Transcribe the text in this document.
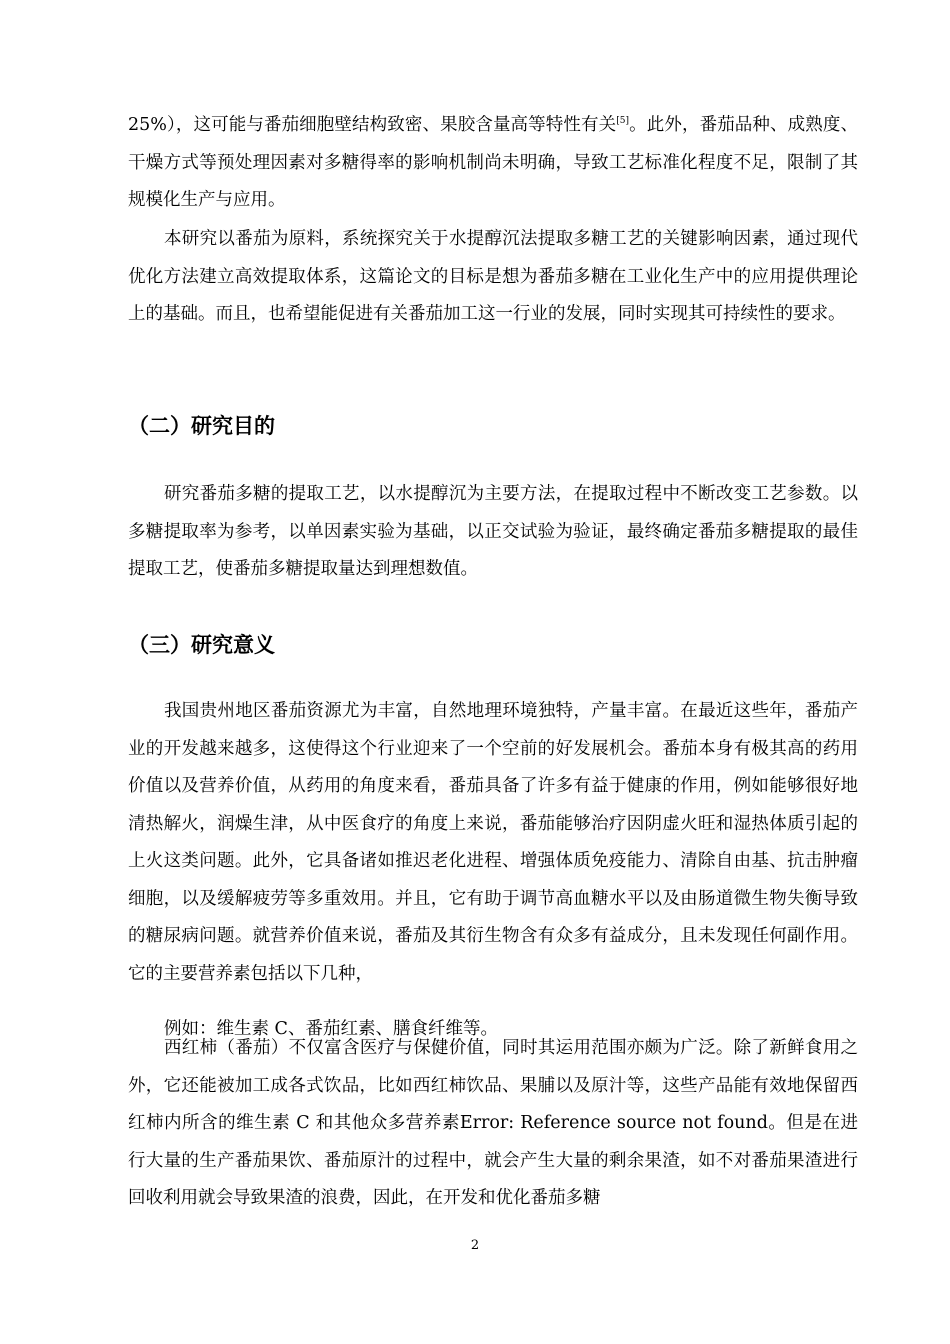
25%），这可能与番茄细胞壁结构致密、果胶含量高等特性有关[5]。此外，番茄品种、成熟度、干燥方式等预处理因素对多糖得率的影响机制尚未明确，导致工艺标准化程度不足，限制了其规模化生产与应用。

本研究以番茄为原料，系统探究关于水提醇沉法提取多糖工艺的关键影响因素，通过现代优化方法建立高效提取体系，这篇论文的目标是想为番茄多糖在工业化生产中的应用提供理论上的基础。而且，也希望能促进有关番茄加工这一行业的发展，同时实现其可持续性的要求。

（二）研究目的

研究番茄多糖的提取工艺，以水提醇沉为主要方法，在提取过程中不断改变工艺参数。以多糖提取率为参考，以单因素实验为基础，以正交试验为验证，最终确定番茄多糖提取的最佳提取工艺，使番茄多糖提取量达到理想数值。

（三）研究意义

我国贵州地区番茄资源尤为丰富，自然地理环境独特，产量丰富。在最近这些年，番茄产业的开发越来越多，这使得这个行业迎来了一个空前的好发展机会。番茄本身有极其高的药用价值以及营养价值，从药用的角度来看，番茄具备了许多有益于健康的作用，例如能够很好地清热解火，润燥生津，从中医食疗的角度上来说，番茄能够治疗因阴虚火旺和湿热体质引起的上火这类问题。此外，它具备诸如推迟老化进程、增强体质免疫能力、清除自由基、抗击肿瘤细胞，以及缓解疲劳等多重效用。并且，它有助于调节高血糖水平以及由肠道微生物失衡导致的糖尿病问题。就营养价值来说，番茄及其衍生物含有众多有益成分，且未发现任何副作用。它的主要营养素包括以下几种，

例如：维生素 C、番茄红素、膳食纤维等。

西红柿（番茄）不仅富含医疗与保健价值，同时其运用范围亦颇为广泛。除了新鲜食用之外，它还能被加工成各式饮品，比如西红柿饮品、果脯以及原汁等，这些产品能有效地保留西红柿内所含的维生素 C 和其他众多营养素Error: Reference source not found。但是在进行大量的生产番茄果饮、番茄原汁的过程中，就会产生大量的剩余果渣，如不对番茄果渣进行回收利用就会导致果渣的浪费，因此，在开发和优化番茄多糖

2
